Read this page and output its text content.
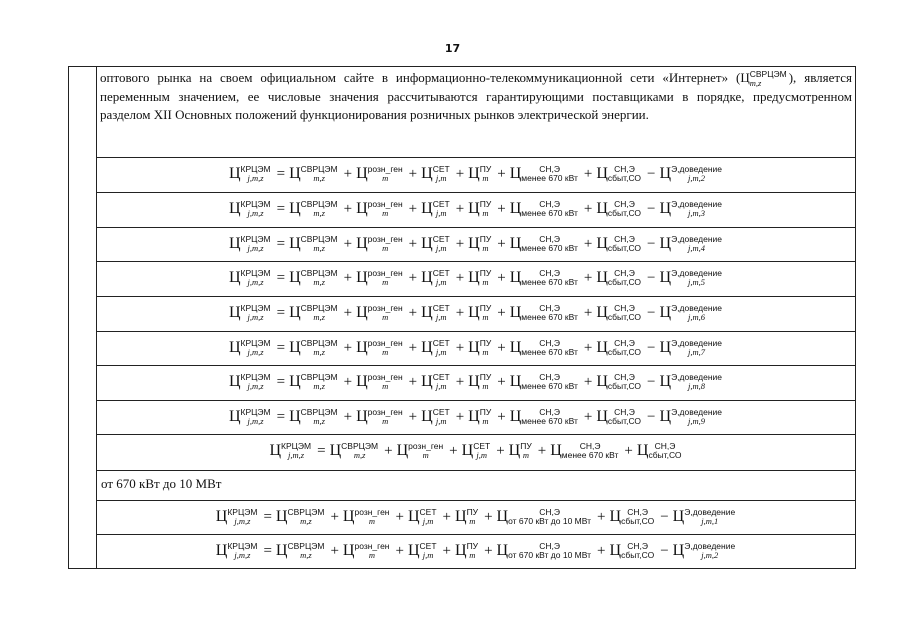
17
оптового рынка на своем официальном сайте в информационно-телекоммуникационной сети «Интернет» (Ц СВРЦЭМ
m,z	), является переменным значением, ее числовые значения рассчитываются гарантирующими поставщиками в порядке, предусмотренном разделом XII Основных положений функционирования розничных рынков электрической энергии.
Ц КРЦЭМ
j,m,z = Ц СВРЦЭМ
m,z	+ Ц розн_ген
m	+ Ц СЕТ
j,m + Ц ПУ
m + Ц	СН,Э
менее 670 кВт + Ц СН,Э
сбыт,СО − Ц Э,доведение
j,m,2
Ц КРЦЭМ
j,m,z = Ц СВРЦЭМ
m,z	+ Ц розн_ген
m	+ Ц СЕТ
j,m + Ц ПУ
m + Ц	СН,Э
менее 670 кВт + Ц СН,Э
сбыт,СО − Ц Э,доведение
j,m,3
Ц КРЦЭМ
j,m,z = Ц СВРЦЭМ
m,z	+ Ц розн_ген
m	+ Ц СЕТ
j,m + Ц ПУ
m + Ц	СН,Э
менее 670 кВт + Ц СН,Э
сбыт,СО − Ц Э,доведение
j,m,4
Ц КРЦЭМ
j,m,z = Ц СВРЦЭМ
m,z	+ Ц розн_ген
m	+ Ц СЕТ
j,m + Ц ПУ
m + Ц	СН,Э
менее 670 кВт + Ц СН,Э
сбыт,СО − Ц Э,доведение
j,m,5
Ц КРЦЭМ
j,m,z = Ц СВРЦЭМ
m,z	+ Ц розн_ген
m	+ Ц СЕТ
j,m + Ц ПУ
m + Ц	СН,Э
менее 670 кВт + Ц СН,Э
сбыт,СО − Ц Э,доведение
j,m,6
Ц КРЦЭМ
j,m,z = Ц СВРЦЭМ
m,z	+ Ц розн_ген
m	+ Ц СЕТ
j,m + Ц ПУ
m + Ц	СН,Э
менее 670 кВт + Ц СН,Э
сбыт,СО − Ц Э,доведение
j,m,7
Ц КРЦЭМ
j,m,z = Ц СВРЦЭМ
m,z	+ Ц розн_ген
m	+ Ц СЕТ
j,m + Ц ПУ
m + Ц	СН,Э
менее 670 кВт + Ц СН,Э
сбыт,СО − Ц Э,доведение
j,m,8
Ц КРЦЭМ
j,m,z = Ц СВРЦЭМ
m,z	+ Ц розн_ген
m	+ Ц СЕТ
j,m + Ц ПУ
m + Ц	СН,Э
менее 670 кВт + Ц СН,Э
сбыт,СО − Ц Э,доведение
j,m,9
Ц КРЦЭМ
j,m,z = Ц СВРЦЭМ
m,z	+ Ц розн_ген
m	+ Ц СЕТ
j,m + Ц ПУ
m + Ц	СН,Э
менее 670 кВт + Ц СН,Э
сбыт,СО
от 670 кВт до 10 МВт
Ц КРЦЭМ
j,m,z = Ц СВРЦЭМ
m,z	+ Ц розн_ген
m	+ Ц СЕТ
j,m + Ц ПУ
m + Ц	СН,Э
от 670 кВт до 10 МВт + Ц СН,Э
сбыт,СО − Ц Э,доведение
j,m,1
Ц КРЦЭМ
j,m,z = Ц СВРЦЭМ
m,z	+ Ц розн_ген
m	+ Ц СЕТ
j,m + Ц ПУ
m + Ц	СН,Э
от 670 кВт до 10 МВт + Ц СН,Э
сбыт,СО − Ц Э,доведение
j,m,2
